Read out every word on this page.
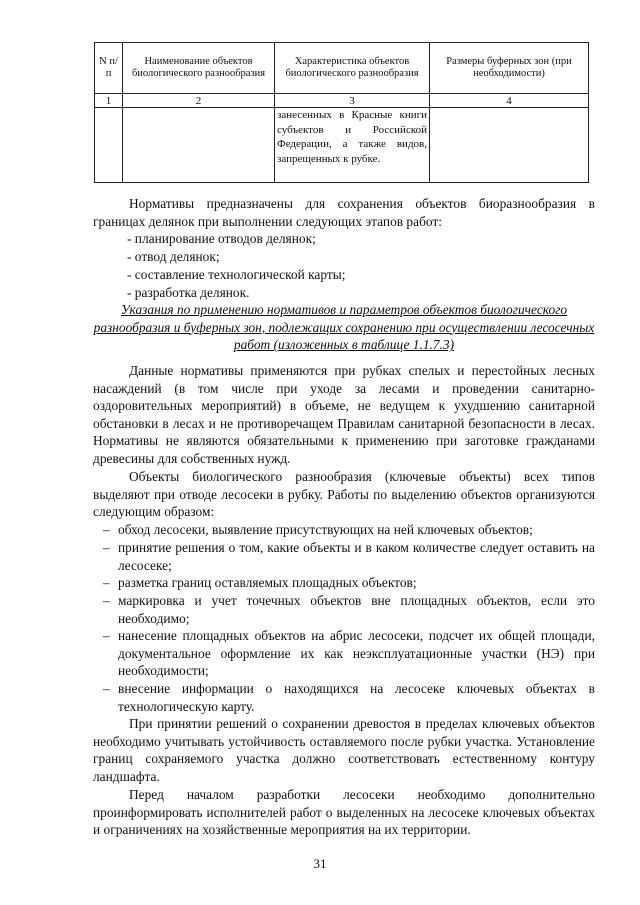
N п/п	Наименование объектов биологического разнообразия	Характеристика объектов биологического разнообразия	Размеры буферных зон (при необходимости)
1	2	3	4
		занесенных в Красные книги субъектов и Российской Федерации, а также видов, запрещенных к рубке.	
Нормативы предназначены для сохранения объектов биоразнообразия в границах делянок при выполнении следующих этапов работ:
- планирование отводов делянок;
- отвод делянок;
- составление технологической карты;
- разработка делянок.
Указания по применению нормативов и параметров объектов биологического разнообразия и буферных зон, подлежащих сохранению при осуществлении лесосечных работ (изложенных в таблице 1.1.7.3)
Данные нормативы применяются при рубках спелых и перестойных лесных насаждений (в том числе при уходе за лесами и проведении санитарно-оздоровительных мероприятий) в объеме, не ведущем к ухудшению санитарной обстановки в лесах и не противоречащем Правилам санитарной безопасности в лесах. Нормативы не являются обязательными к применению при заготовке гражданами древесины для собственных нужд.
Объекты биологического разнообразия (ключевые объекты) всех типов выделяют при отводе лесосеки в рубку. Работы по выделению объектов организуются следующим образом:
– обход лесосеки, выявление присутствующих на ней ключевых объектов;
– принятие решения о том, какие объекты и в каком количестве следует оставить на лесосеке;
– разметка границ оставляемых площадных объектов;
– маркировка и учет точечных объектов вне площадных объектов, если это необходимо;
– нанесение площадных объектов на абрис лесосеки, подсчет их общей площади, документальное оформление их как неэксплуатационные участки (НЭ) при необходимости;
– внесение информации о находящихся на лесосеке ключевых объектах в технологическую карту.
При принятии решений о сохранении древостоя в пределах ключевых объектов необходимо учитывать устойчивость оставляемого после рубки участка. Установление границ сохраняемого участка должно соответствовать естественному контуру ландшафта.
Перед началом разработки лесосеки необходимо дополнительно проинформировать исполнителей работ о выделенных на лесосеке ключевых объектах и ограничениях на хозяйственные мероприятия на их территории.
31
